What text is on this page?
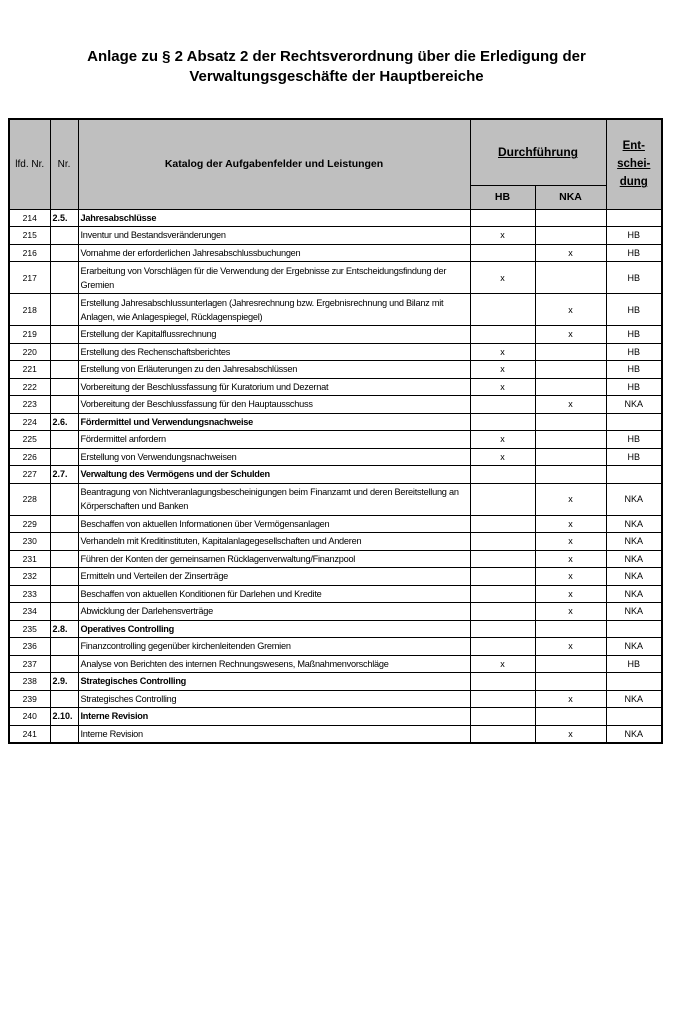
Anlage zu § 2 Absatz 2 der Rechtsverordnung über die Erledigung der
Verwaltungsgeschäfte der Hauptbereiche
lfd. Nr.	Nr.	Katalog der Aufgabenfelder und Leistungen	Durchführung		Ent-
schei-
dung

			HB	NKA	
214	2.5.	Jahresabschlüsse			
215		Inventur und Bestandsveränderungen	x		HB
216		Vornahme der erforderlichen Jahresabschlussbuchungen		x	HB
217		Erarbeitung von Vorschlägen für die Verwendung der Ergebnisse zur Entscheidungsfindung der Gremien	x		HB
218		Erstellung Jahresabschlussunterlagen (Jahresrechnung bzw. Ergebnisrechnung und Bilanz mit Anlagen, wie Anlagespiegel, Rücklagenspiegel)		x	HB
219		Erstellung der Kapitalflussrechnung		x	HB
220		Erstellung des Rechenschaftsberichtes	x		HB
221		Erstellung von Erläuterungen zu den Jahresabschlüssen	x		HB
222		Vorbereitung der Beschlussfassung für Kuratorium und Dezernat	x		HB
223		Vorbereitung der Beschlussfassung für den Hauptausschuss		x	NKA
224	2.6.	Fördermittel und Verwendungsnachweise			
225		Fördermittel anfordern	x		HB
226		Erstellung von Verwendungsnachweisen	x		HB
227	2.7.	Verwaltung des Vermögens und der Schulden			
228		Beantragung von Nichtveranlagungsbescheinigungen beim Finanzamt und deren Bereitstellung an Körperschaften und Banken		x	NKA
229		Beschaffen von aktuellen Informationen über Vermögensanlagen		x	NKA
230		Verhandeln mit Kreditinstituten, Kapitalanlagegesellschaften und Anderen		x	NKA
231		Führen der Konten der gemeinsamen Rücklagenverwaltung/Finanzpool		x	NKA
232		Ermitteln und Verteilen der Zinserträge		x	NKA
233		Beschaffen von aktuellen Konditionen für Darlehen und Kredite		x	NKA
234		Abwicklung der Darlehensverträge		x	NKA
235	2.8.	Operatives Controlling			
236		Finanzcontrolling gegenüber kirchenleitenden Gremien		x	NKA
237		Analyse von Berichten des internen Rechnungswesens, Maßnahmenvorschläge	x		HB
238	2.9.	Strategisches Controlling			
239		Strategisches Controlling		x	NKA
240	2.10.	Interne Revision			
241		Interne Revision		x	NKA
